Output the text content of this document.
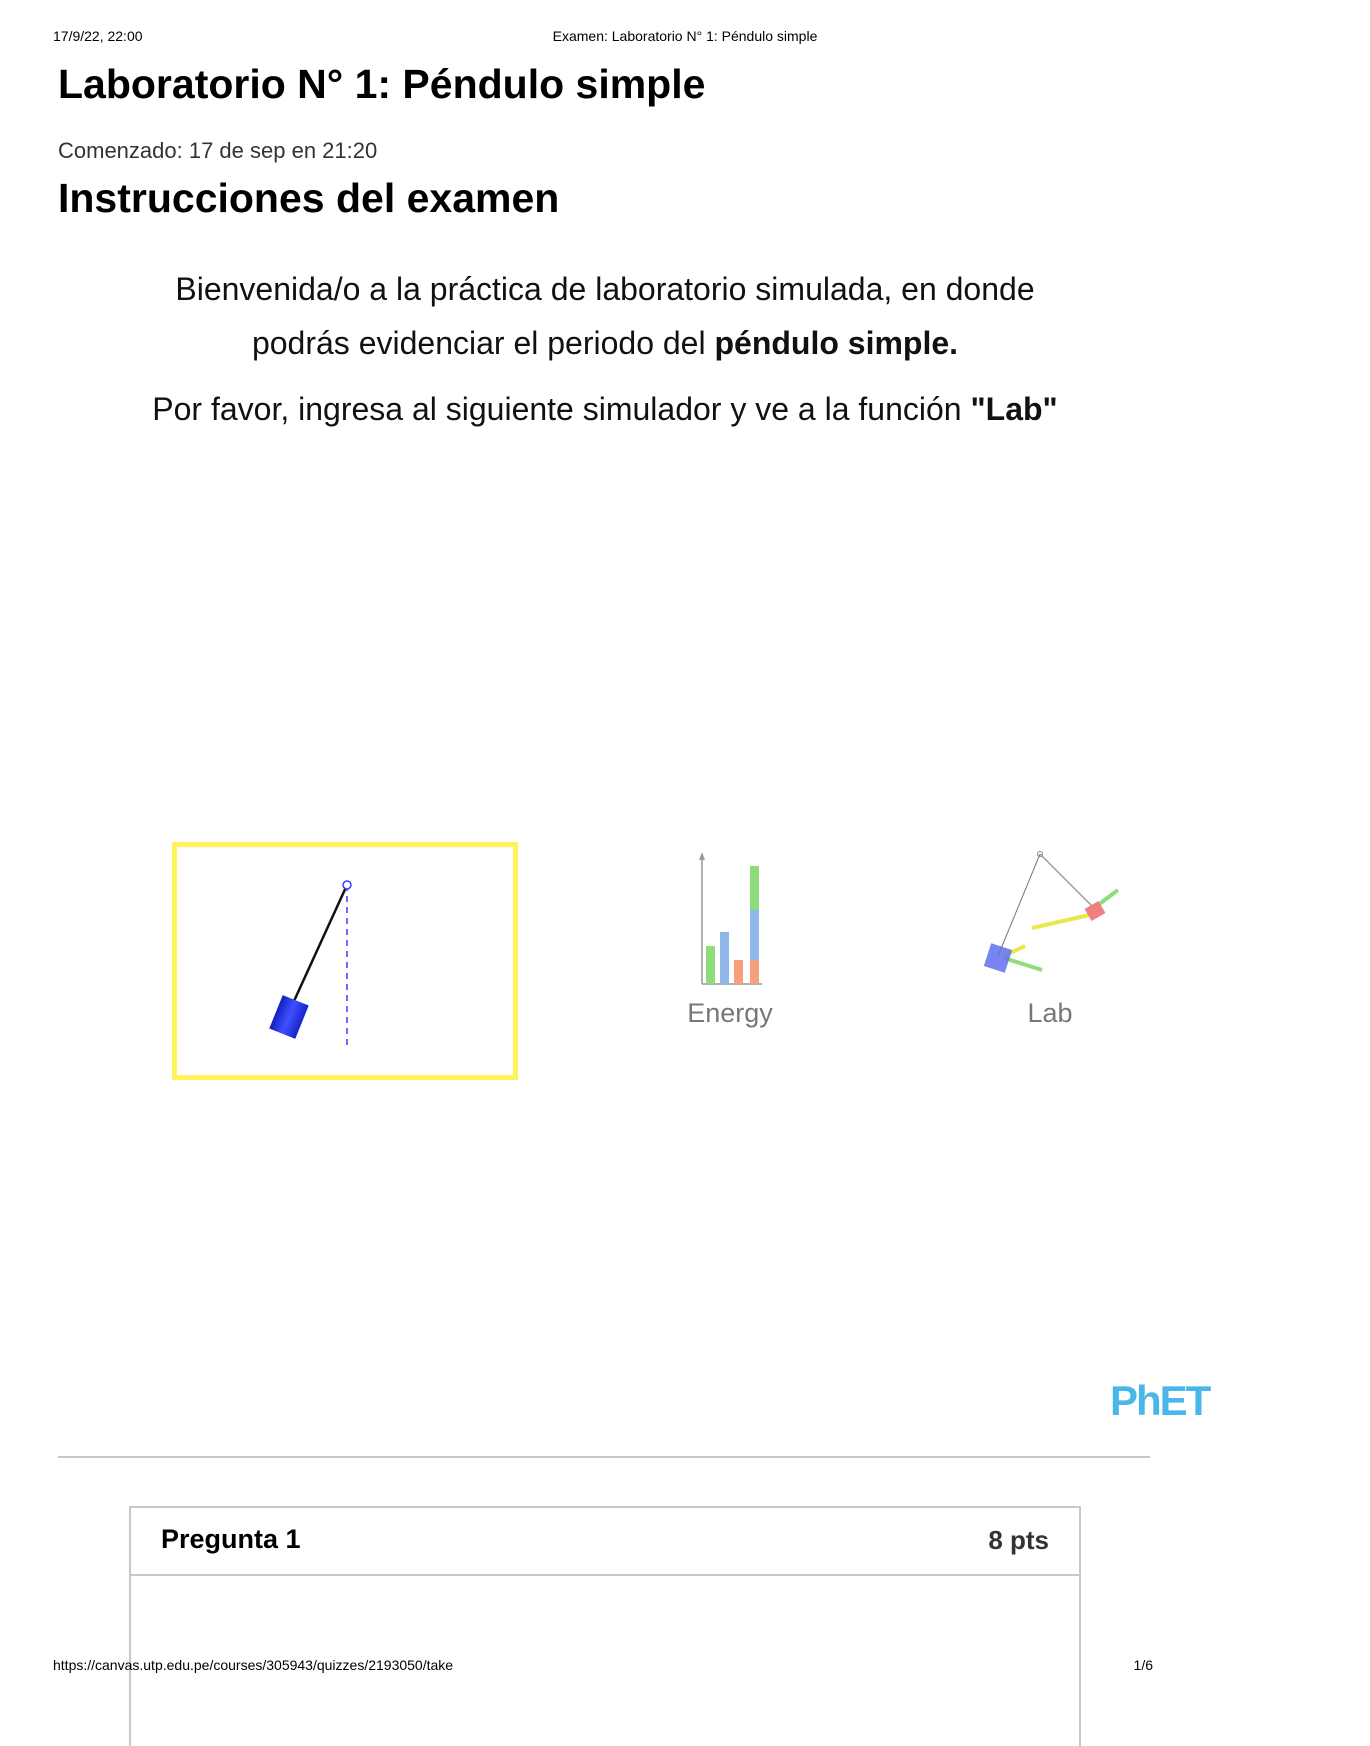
17/9/22, 22:00	Examen: Laboratorio N° 1: Péndulo simple
Laboratorio N° 1: Péndulo simple
Comenzado: 17 de sep en 21:20
Instrucciones del examen
Bienvenida/o a la práctica de laboratorio simulada, en donde
podrás evidenciar el periodo del péndulo simple.
Por favor, ingresa al siguiente simulador y ve a la función "Lab"
Energy	Lab
PhET
Pregunta 1	8 pts
https://canvas.utp.edu.pe/courses/305943/quizzes/2193050/take	1/6
